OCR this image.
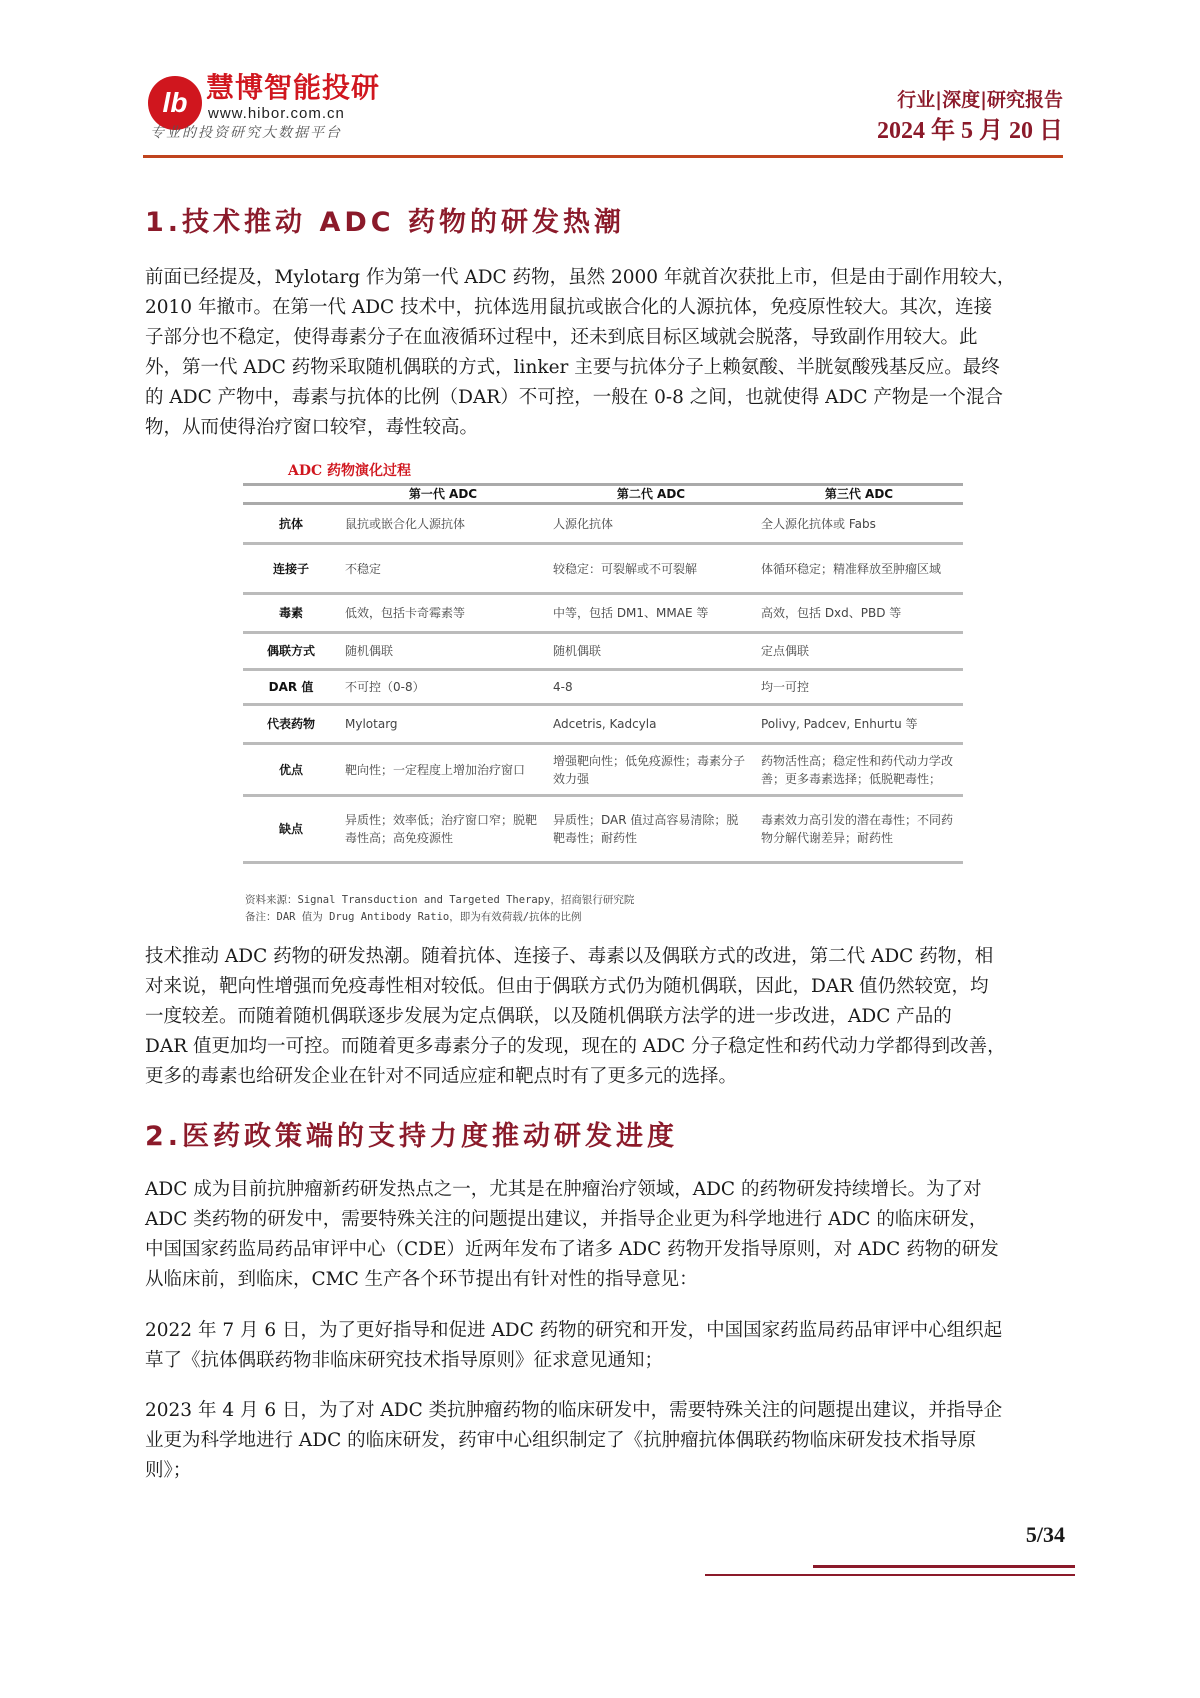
lb 慧博智能投研
www.hibor.com.cn
专业的投资研究大数据平台
行业|深度|研究报告
2024 年 5 月 20 日
1.技术推动 ADC 药物的研发热潮
前面已经提及，Mylotarg 作为第一代 ADC 药物，虽然 2000 年就首次获批上市，但是由于副作用较大，
2010 年撤市。在第一代 ADC 技术中，抗体选用鼠抗或嵌合化的人源抗体，免疫原性较大。其次，连接
子部分也不稳定，使得毒素分子在血液循环过程中，还未到底目标区域就会脱落，导致副作用较大。此
外，第一代 ADC 药物采取随机偶联的方式，linker 主要与抗体分子上赖氨酸、半胱氨酸残基反应。最终
的 ADC 产物中，毒素与抗体的比例（DAR）不可控，一般在 0-8 之间，也就使得 ADC 产物是一个混合
物，从而使得治疗窗口较窄，毒性较高。
ADC 药物演化过程
	第一代 ADC	第二代 ADC	第三代 ADC
抗体	鼠抗或嵌合化人源抗体	人源化抗体	全人源化抗体或 Fabs
连接子	不稳定	较稳定：可裂解或不可裂解	体循环稳定；精准释放至肿瘤区域
毒素	低效，包括卡奇霉素等	中等，包括 DM1、MMAE 等	高效，包括 Dxd、PBD 等
偶联方式	随机偶联	随机偶联	定点偶联
DAR 值	不可控（0-8）	4-8	均一可控
代表药物	Mylotarg	Adcetris, Kadcyla	Polivy, Padcev, Enhurtu 等
优点	靶向性；一定程度上增加治疗窗口	增强靶向性；低免疫源性；毒素分子效力强	药物活性高；稳定性和药代动力学改善；更多毒素选择；低脱靶毒性；
缺点	异质性；效率低；治疗窗口窄；脱靶毒性高；高免疫源性	异质性；DAR 值过高容易清除；脱靶毒性；耐药性	毒素效力高引发的潜在毒性；不同药物分解代谢差异；耐药性
资料来源：Signal Transduction and Targeted Therapy，招商银行研究院
备注：DAR 值为 Drug Antibody Ratio，即为有效荷载/抗体的比例
技术推动 ADC 药物的研发热潮。随着抗体、连接子、毒素以及偶联方式的改进，第二代 ADC 药物，相
对来说，靶向性增强而免疫毒性相对较低。但由于偶联方式仍为随机偶联，因此，DAR 值仍然较宽，均
一度较差。而随着随机偶联逐步发展为定点偶联，以及随机偶联方法学的进一步改进，ADC 产品的
DAR 值更加均一可控。而随着更多毒素分子的发现，现在的 ADC 分子稳定性和药代动力学都得到改善，
更多的毒素也给研发企业在针对不同适应症和靶点时有了更多元的选择。
2.医药政策端的支持力度推动研发进度
ADC 成为目前抗肿瘤新药研发热点之一，尤其是在肿瘤治疗领域，ADC 的药物研发持续增长。为了对
ADC 类药物的研发中，需要特殊关注的问题提出建议，并指导企业更为科学地进行 ADC 的临床研发，
中国国家药监局药品审评中心（CDE）近两年发布了诸多 ADC 药物开发指导原则，对 ADC 药物的研发
从临床前，到临床，CMC 生产各个环节提出有针对性的指导意见：
2022 年 7 月 6 日，为了更好指导和促进 ADC 药物的研究和开发，中国国家药监局药品审评中心组织起
草了《抗体偶联药物非临床研究技术指导原则》征求意见通知；
2023 年 4 月 6 日，为了对 ADC 类抗肿瘤药物的临床研发中，需要特殊关注的问题提出建议，并指导企
业更为科学地进行 ADC 的临床研发，药审中心组织制定了《抗肿瘤抗体偶联药物临床研发技术指导原
则》；
5/34
